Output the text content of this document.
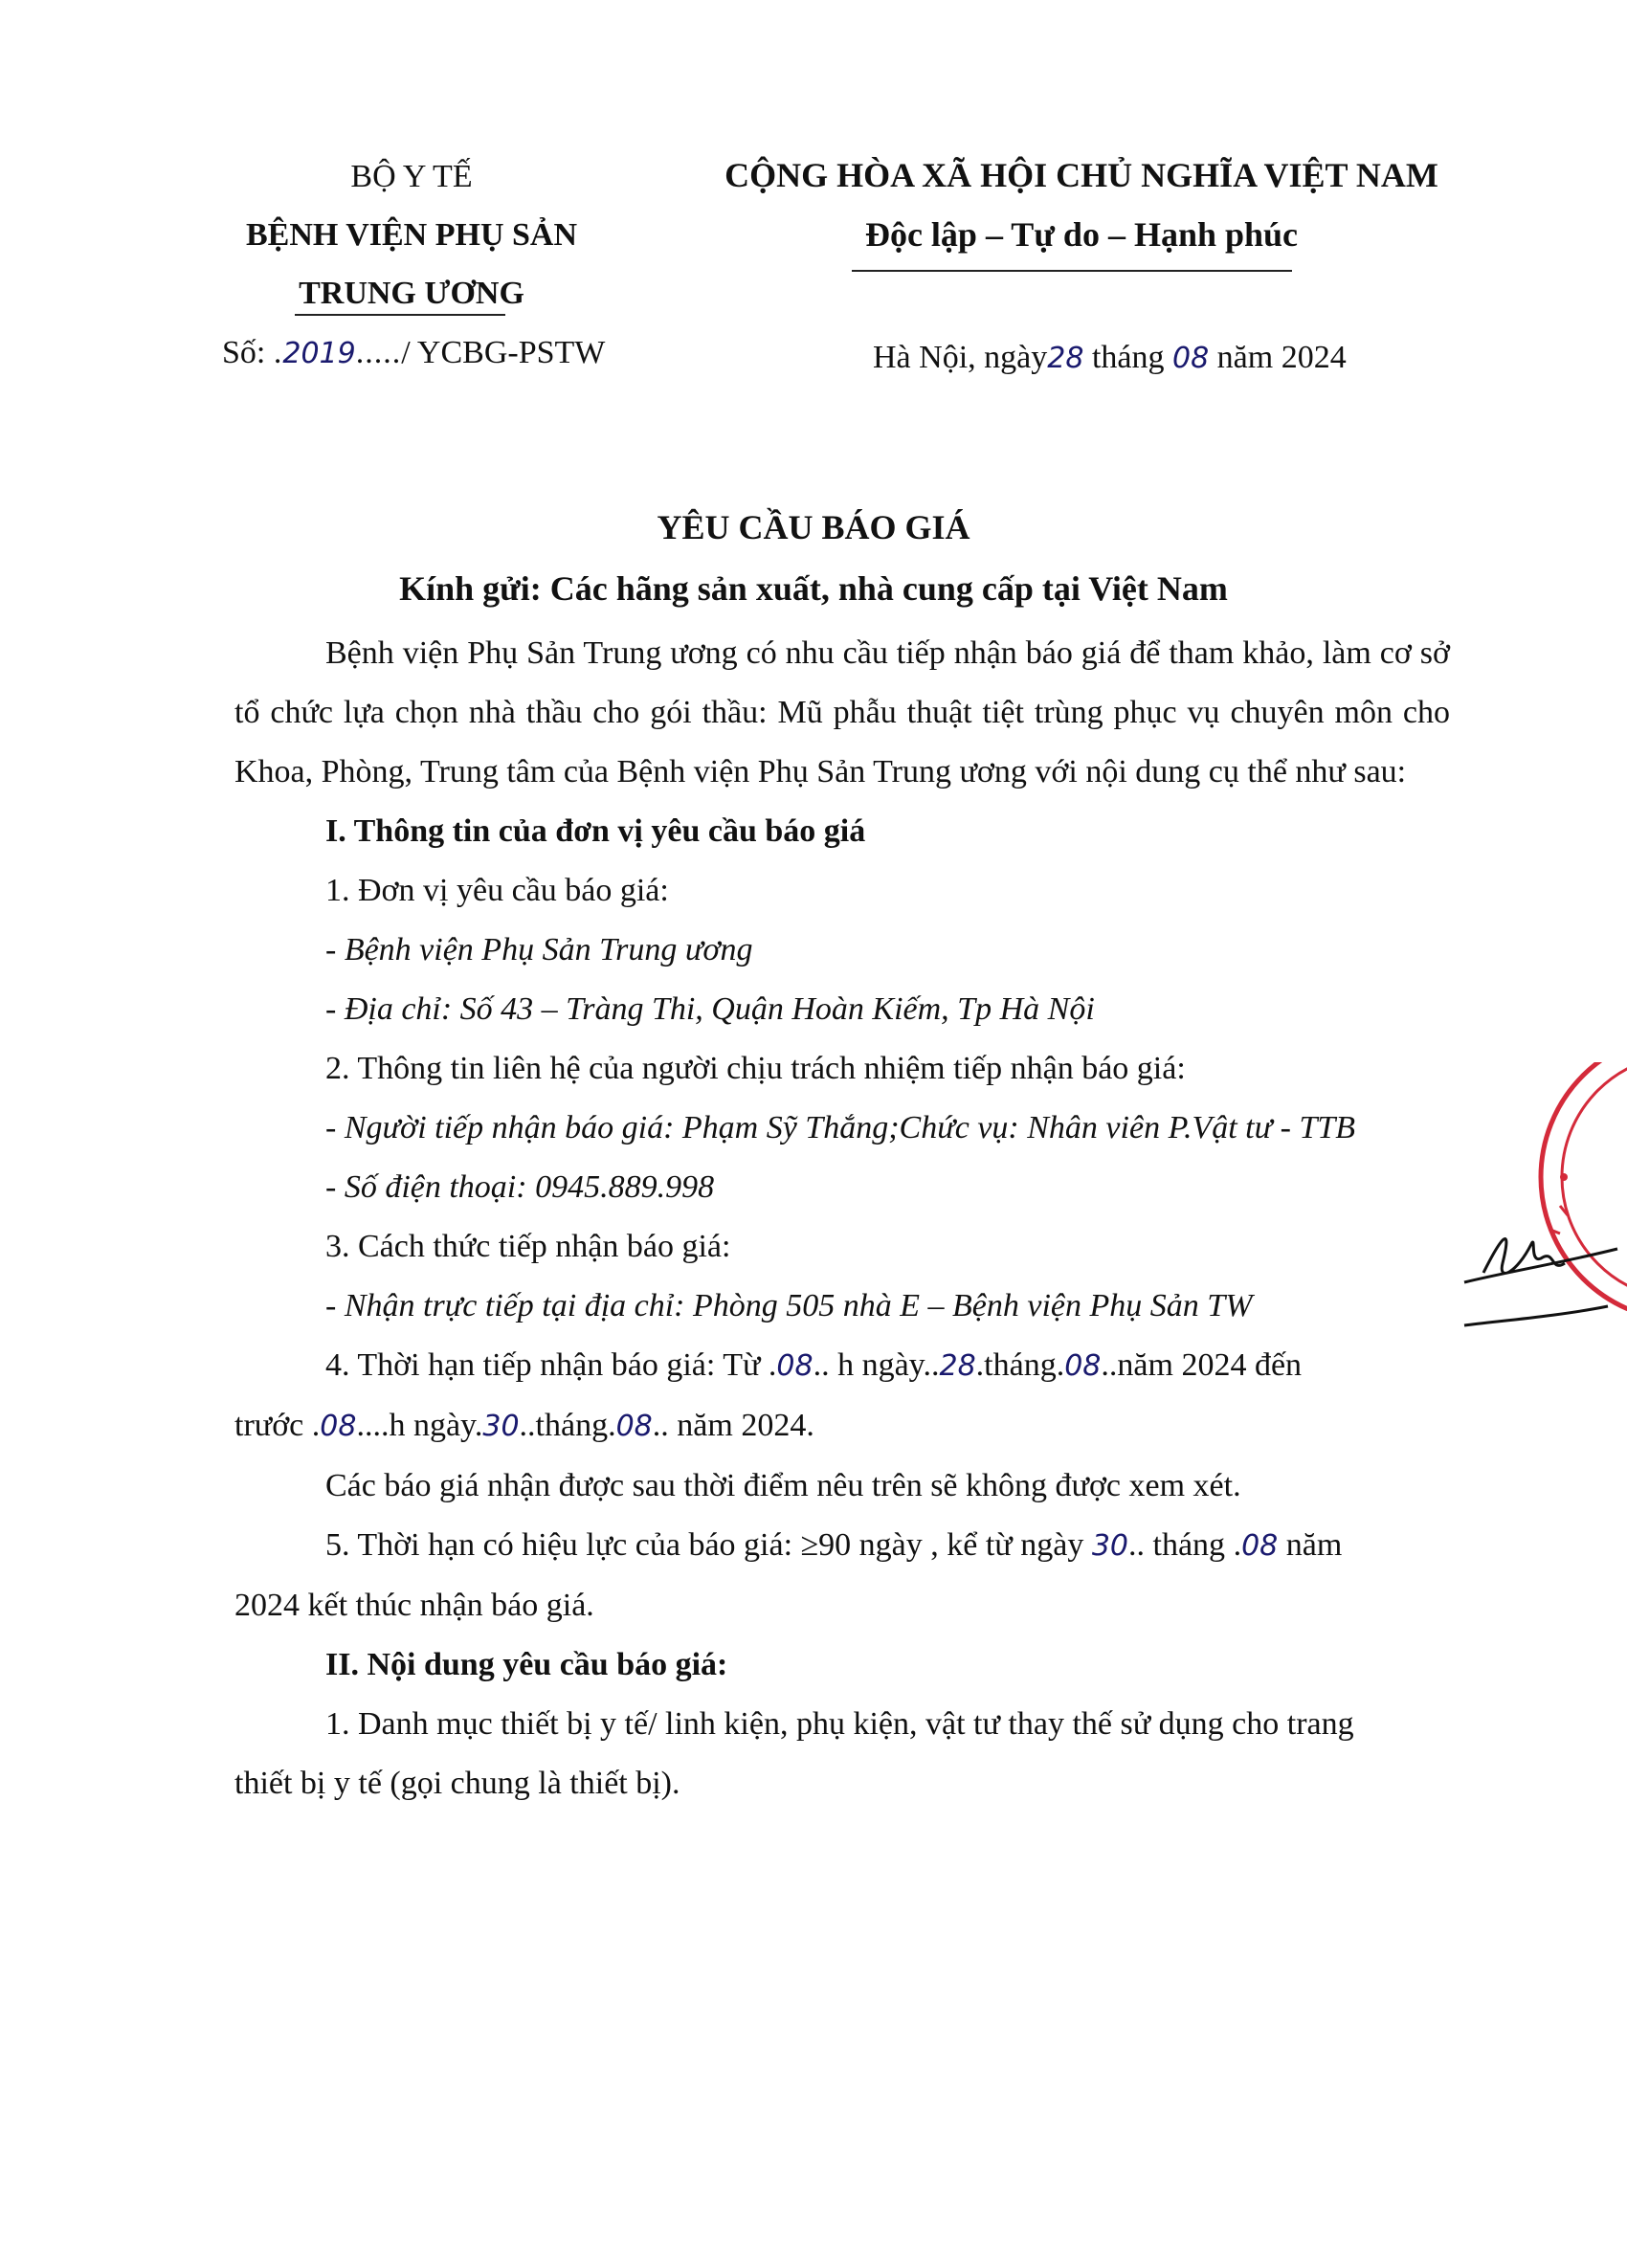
BỘ Y TẾ
BỆNH VIỆN PHỤ SẢN
TRUNG ƯƠNG
Số: .2019...../ YCBG-PSTW
CỘNG HÒA XÃ HỘI CHỦ NGHĨA VIỆT NAM
Độc lập – Tự do – Hạnh phúc
Hà Nội, ngày28 tháng 08 năm 2024
YÊU CẦU BÁO GIÁ
Kính gửi: Các hãng sản xuất, nhà cung cấp tại Việt Nam
Bệnh viện Phụ Sản Trung ương có nhu cầu tiếp nhận báo giá để tham khảo, làm cơ sở tổ chức lựa chọn nhà thầu cho gói thầu: Mũ phẫu thuật tiệt trùng phục vụ chuyên môn cho Khoa, Phòng, Trung tâm của Bệnh viện Phụ Sản Trung ương với nội dung cụ thể như sau:
I. Thông tin của đơn vị yêu cầu báo giá
1. Đơn vị yêu cầu báo giá:
- Bệnh viện Phụ Sản Trung ương
- Địa chỉ: Số 43 – Tràng Thi, Quận Hoàn Kiếm, Tp Hà Nội
2. Thông tin liên hệ của người chịu trách nhiệm tiếp nhận báo giá:
- Người tiếp nhận báo giá: Phạm Sỹ Thắng;Chức vụ: Nhân viên P.Vật tư - TTB
- Số điện thoại: 0945.889.998
3. Cách thức tiếp nhận báo giá:
- Nhận trực tiếp tại địa chỉ: Phòng 505 nhà E – Bệnh viện Phụ Sản TW
4. Thời hạn tiếp nhận báo giá: Từ .08.. h ngày..28.tháng.08..năm 2024 đến
trước .08....h ngày.30..tháng.08.. năm 2024.
Các báo giá nhận được sau thời điểm nêu trên sẽ không được xem xét.
5. Thời hạn có hiệu lực của báo giá: ≥90 ngày , kể từ ngày 30.. tháng .08 năm
2024 kết thúc nhận báo giá.
II. Nội dung yêu cầu báo giá:
1. Danh mục thiết bị y tế/ linh kiện, phụ kiện, vật tư thay thế sử dụng cho trang
thiết bị y tế (gọi chung là thiết bị).
